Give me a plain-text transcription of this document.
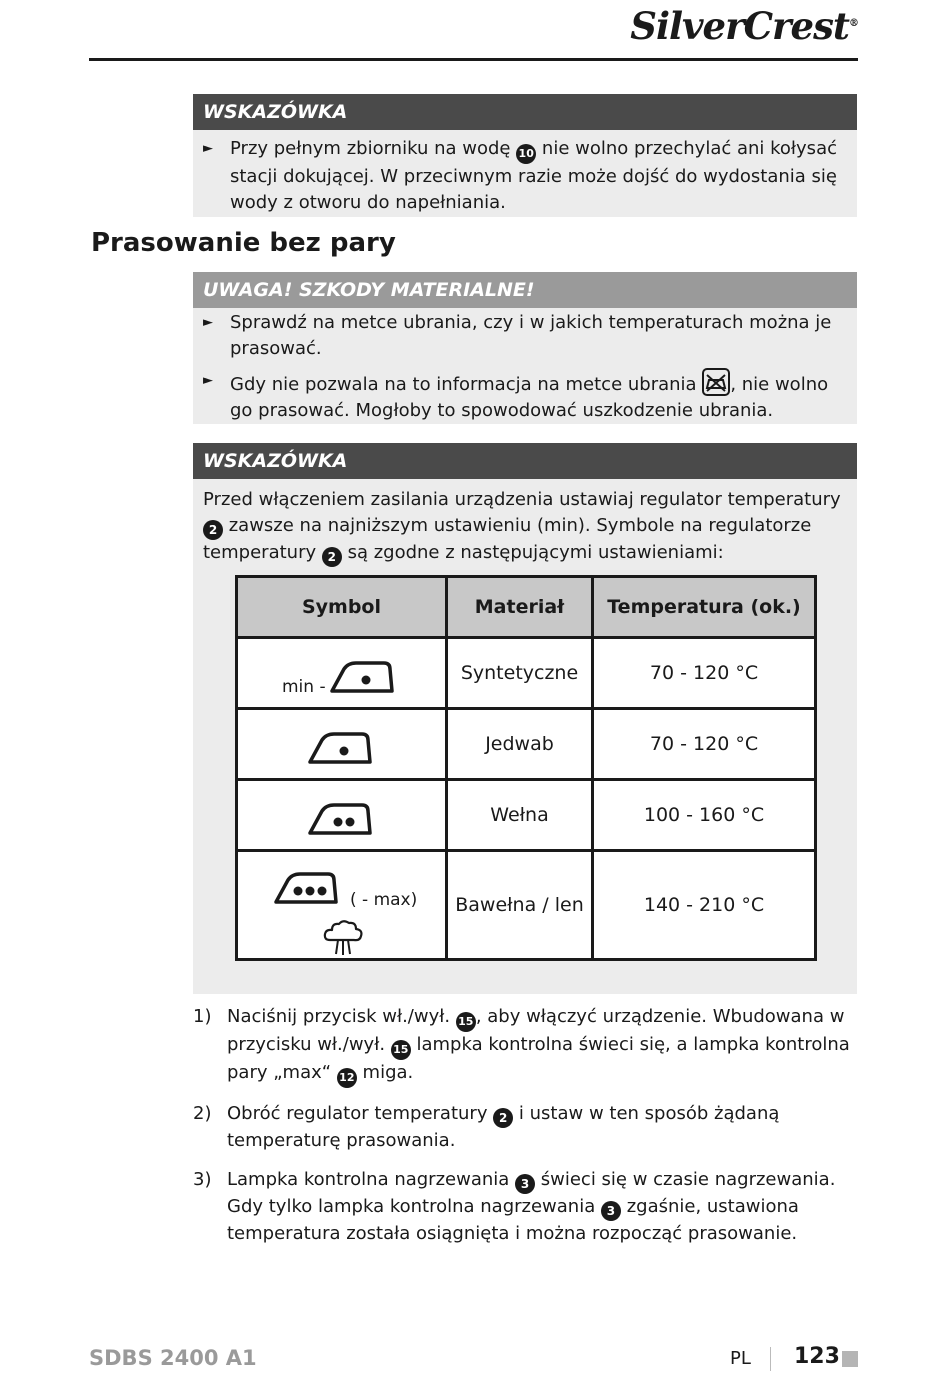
SilverCrest®
WSKAZÓWKA
► Przy pełnym zbiorniku na wodę 10 nie wolno przechylać ani kołysać stacji dokującej. W przeciwnym razie może dojść do wydostania się wody z otworu do napełniania.
Prasowanie bez pary
UWAGA! SZKODY MATERIALNE!
► Sprawdź na metce ubrania, czy i w jakich temperaturach można je prasować.
► Gdy nie pozwala na to informacja na metce ubrania , nie wolno go prasować. Mogłoby to spowodować uszkodzenie ubrania.
WSKAZÓWKA
Przed włączeniem zasilania urządzenia ustawiaj regulator temperatury 2 zawsze na najniższym ustawieniu (min). Symbole na regulatorze temperatury 2 są zgodne z następującymi ustawieniami:
Symbol	Materiał	Temperatura (ok.)

min -	Syntetyczne	70 - 120 °C

	Jedwab	70 - 120 °C

	Wełna	100 - 160 °C

( - max)	Bawełna / len	140 - 210 °C
1) Naciśnij przycisk wł./wył. 15 , aby włączyć urządzenie. Wbudowana w przycisku wł./wył. 15 lampka kontrolna świeci się, a lampka kontrolna pary „max“ 12 miga.
2) Obróć regulator temperatury 2 i ustaw w ten sposób żądaną temperaturę prasowania.
3) Lampka kontrolna nagrzewania 3 świeci się w czasie nagrzewania. Gdy tylko lampka kontrolna nagrzewania 3 zgaśnie, ustawiona temperatura została osiągnięta i można rozpocząć prasowanie.
SDBS 2400 A1	PL 123
